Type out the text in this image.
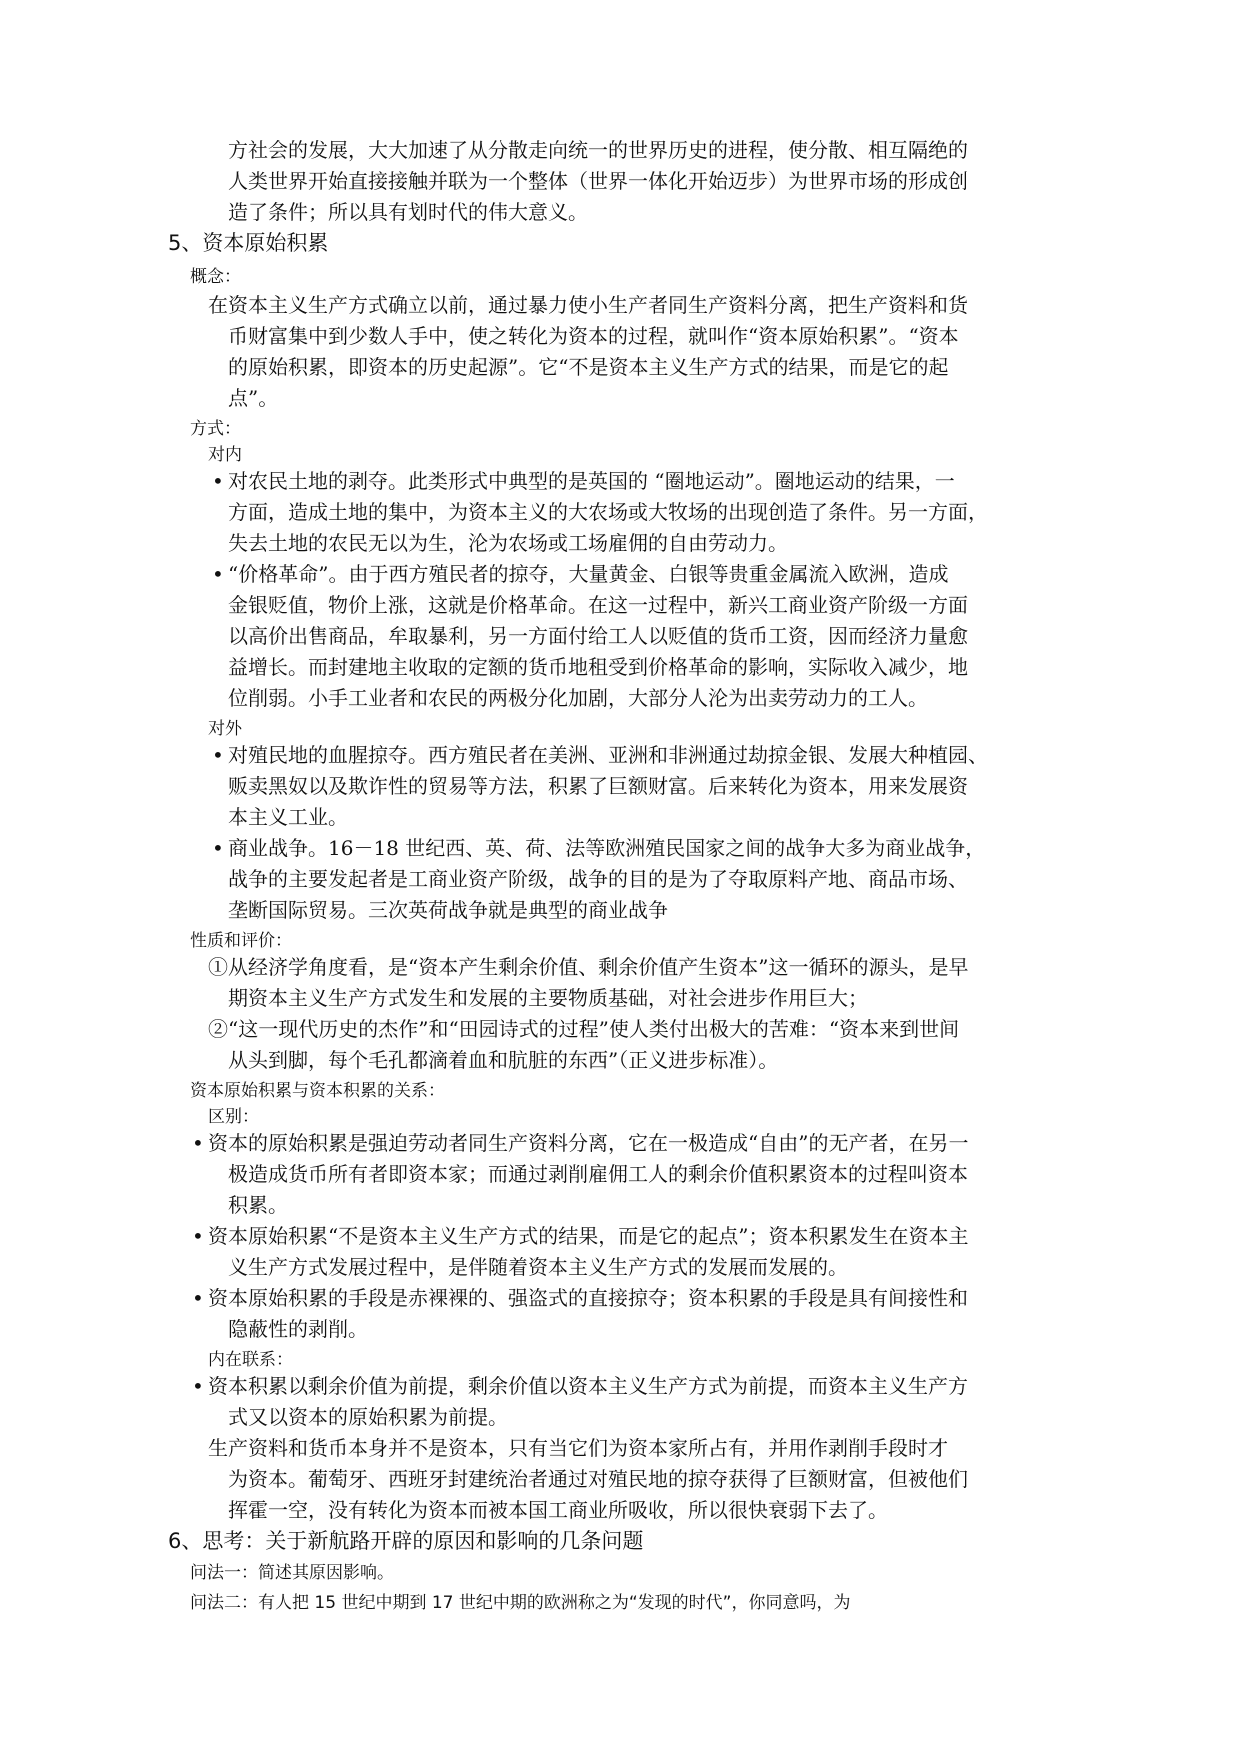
方社会的发展，大大加速了从分散走向统一的世界历史的进程，使分散、相互隔绝的
人类世界开始直接接触并联为一个整体（世界一体化开始迈步）为世界市场的形成创
造了条件；所以具有划时代的伟大意义。
5、资本原始积累
概念：
在资本主义生产方式确立以前，通过暴力使小生产者同生产资料分离，把生产资料和货
币财富集中到少数人手中，使之转化为资本的过程，就叫作“资本原始积累”。“资本
的原始积累，即资本的历史起源”。它“不是资本主义生产方式的结果，而是它的起
点”。
方式：
对内
• 对农民土地的剥夺。此类形式中典型的是英国的 “圈地运动”。圈地运动的结果，一
方面，造成土地的集中，为资本主义的大农场或大牧场的出现创造了条件。另一方面，
失去土地的农民无以为生，沦为农场或工场雇佣的自由劳动力。
• “价格革命”。由于西方殖民者的掠夺，大量黄金、白银等贵重金属流入欧洲，造成
金银贬值，物价上涨，这就是价格革命。在这一过程中，新兴工商业资产阶级一方面
以高价出售商品，牟取暴利，另一方面付给工人以贬值的货币工资，因而经济力量愈
益增长。而封建地主收取的定额的货币地租受到价格革命的影响，实际收入减少，地
位削弱。小手工业者和农民的两极分化加剧，大部分人沦为出卖劳动力的工人。
对外
• 对殖民地的血腥掠夺。西方殖民者在美洲、亚洲和非洲通过劫掠金银、发展大种植园、
贩卖黑奴以及欺诈性的贸易等方法，积累了巨额财富。后来转化为资本，用来发展资
本主义工业。
• 商业战争。16－18 世纪西、英、荷、法等欧洲殖民国家之间的战争大多为商业战争，
战争的主要发起者是工商业资产阶级，战争的目的是为了夺取原料产地、商品市场、
垄断国际贸易。三次英荷战争就是典型的商业战争
性质和评价：
①从经济学角度看，是“资本产生剩余价值、剩余价值产生资本”这一循环的源头，是早
期资本主义生产方式发生和发展的主要物质基础，对社会进步作用巨大；
②“这一现代历史的杰作”和“田园诗式的过程”使人类付出极大的苦难：“资本来到世间
从头到脚，每个毛孔都滴着血和肮脏的东西”（正义进步标准）。
资本原始积累与资本积累的关系：
区别：
• 资本的原始积累是强迫劳动者同生产资料分离，它在一极造成“自由”的无产者，在另一
极造成货币所有者即资本家；而通过剥削雇佣工人的剩余价值积累资本的过程叫资本
积累。
• 资本原始积累“不是资本主义生产方式的结果，而是它的起点”；资本积累发生在资本主
义生产方式发展过程中，是伴随着资本主义生产方式的发展而发展的。
• 资本原始积累的手段是赤裸裸的、强盗式的直接掠夺；资本积累的手段是具有间接性和
隐蔽性的剥削。
内在联系：
• 资本积累以剩余价值为前提，剩余价值以资本主义生产方式为前提，而资本主义生产方
式又以资本的原始积累为前提。
生产资料和货币本身并不是资本，只有当它们为资本家所占有，并用作剥削手段时才
为资本。葡萄牙、西班牙封建统治者通过对殖民地的掠夺获得了巨额财富，但被他们
挥霍一空，没有转化为资本而被本国工商业所吸收，所以很快衰弱下去了。
6、思考：关于新航路开辟的原因和影响的几条问题
问法一：简述其原因影响。
问法二：有人把 15 世纪中期到 17 世纪中期的欧洲称之为“发现的时代”，你同意吗，为
